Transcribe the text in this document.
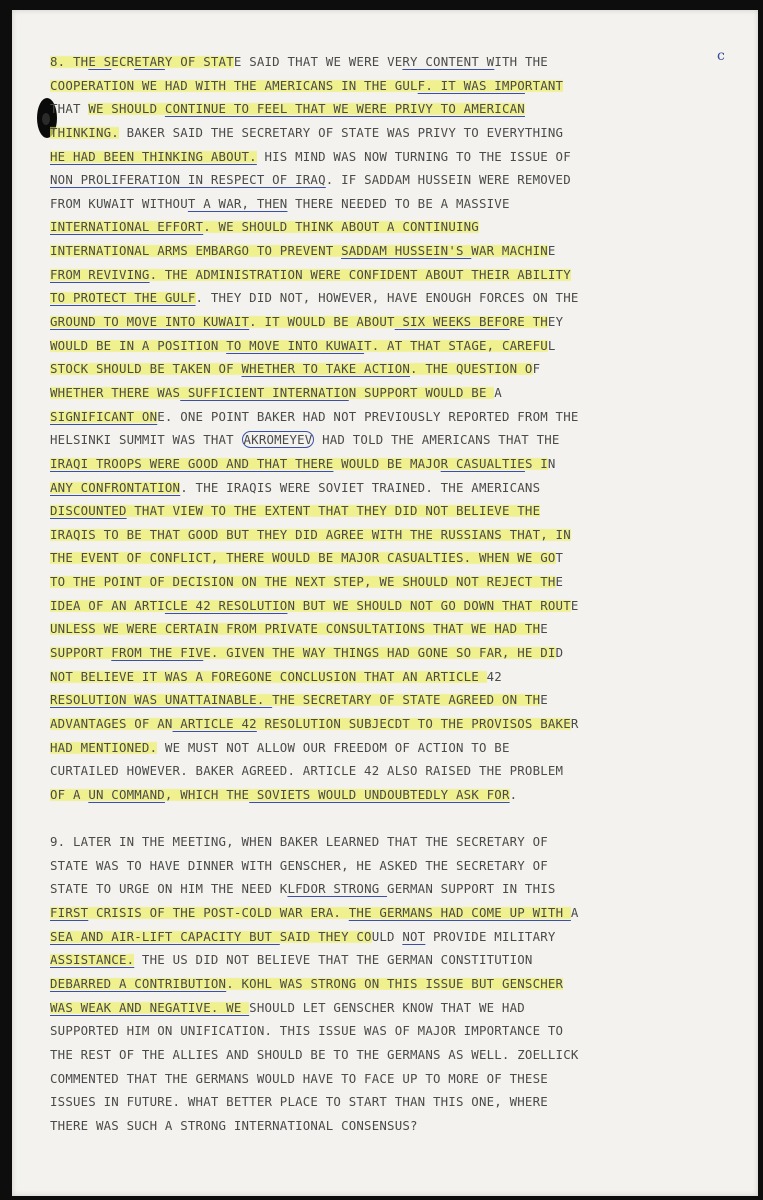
c
8. THE SECRETARY OF STATE SAID THAT WE WERE VERY CONTENT WITH THE
COOPERATION WE HAD WITH THE AMERICANS IN THE GULF. IT WAS IMPORTANT
THAT WE SHOULD CONTINUE TO FEEL THAT WE WERE PRIVY TO AMERICAN
THINKING. BAKER SAID THE SECRETARY OF STATE WAS PRIVY TO EVERYTHING
HE HAD BEEN THINKING ABOUT. HIS MIND WAS NOW TURNING TO THE ISSUE OF
NON PROLIFERATION IN RESPECT OF IRAQ. IF SADDAM HUSSEIN WERE REMOVED
FROM KUWAIT WITHOUT A WAR, THEN THERE NEEDED TO BE A MASSIVE
INTERNATIONAL EFFORT. WE SHOULD THINK ABOUT A CONTINUING
INTERNATIONAL ARMS EMBARGO TO PREVENT SADDAM HUSSEIN'S WAR MACHINE
FROM REVIVING. THE ADMINISTRATION WERE CONFIDENT ABOUT THEIR ABILITY
TO PROTECT THE GULF. THEY DID NOT, HOWEVER, HAVE ENOUGH FORCES ON THE
GROUND TO MOVE INTO KUWAIT. IT WOULD BE ABOUT SIX WEEKS BEFORE THEY
WOULD BE IN A POSITION TO MOVE INTO KUWAIT. AT THAT STAGE, CAREFUL
STOCK SHOULD BE TAKEN OF WHETHER TO TAKE ACTION. THE QUESTION OF
WHETHER THERE WAS SUFFICIENT INTERNATION SUPPORT WOULD BE A
SIGNIFICANT ONE. ONE POINT BAKER HAD NOT PREVIOUSLY REPORTED FROM THE
HELSINKI SUMMIT WAS THAT AKROMEYEV HAD TOLD THE AMERICANS THAT THE
IRAQI TROOPS WERE GOOD AND THAT THERE WOULD BE MAJOR CASUALTIES IN
ANY CONFRONTATION. THE IRAQIS WERE SOVIET TRAINED. THE AMERICANS
DISCOUNTED THAT VIEW TO THE EXTENT THAT THEY DID NOT BELIEVE THE
IRAQIS TO BE THAT GOOD BUT THEY DID AGREE WITH THE RUSSIANS THAT, IN
THE EVENT OF CONFLICT, THERE WOULD BE MAJOR CASUALTIES. WHEN WE GOT
TO THE POINT OF DECISION ON THE NEXT STEP, WE SHOULD NOT REJECT THE
IDEA OF AN ARTICLE 42 RESOLUTION BUT WE SHOULD NOT GO DOWN THAT ROUTE
UNLESS WE WERE CERTAIN FROM PRIVATE CONSULTATIONS THAT WE HAD THE
SUPPORT FROM THE FIVE. GIVEN THE WAY THINGS HAD GONE SO FAR, HE DID
NOT BELIEVE IT WAS A FOREGONE CONCLUSION THAT AN ARTICLE 42
RESOLUTION WAS UNATTAINABLE. THE SECRETARY OF STATE AGREED ON THE
ADVANTAGES OF AN ARTICLE 42 RESOLUTION SUBJECDT TO THE PROVISOS BAKER
HAD MENTIONED. WE MUST NOT ALLOW OUR FREEDOM OF ACTION TO BE
CURTAILED HOWEVER. BAKER AGREED. ARTICLE 42 ALSO RAISED THE PROBLEM
OF A UN COMMAND, WHICH THE SOVIETS WOULD UNDOUBTEDLY ASK FOR.
9. LATER IN THE MEETING, WHEN BAKER LEARNED THAT THE SECRETARY OF
STATE WAS TO HAVE DINNER WITH GENSCHER, HE ASKED THE SECRETARY OF
STATE TO URGE ON HIM THE NEED KLFDOR STRONG GERMAN SUPPORT IN THIS
FIRST CRISIS OF THE POST-COLD WAR ERA. THE GERMANS HAD COME UP WITH A
SEA AND AIR-LIFT CAPACITY BUT SAID THEY COULD NOT PROVIDE MILITARY
ASSISTANCE. THE US DID NOT BELIEVE THAT THE GERMAN CONSTITUTION
DEBARRED A CONTRIBUTION. KOHL WAS STRONG ON THIS ISSUE BUT GENSCHER
WAS WEAK AND NEGATIVE. WE SHOULD LET GENSCHER KNOW THAT WE HAD
SUPPORTED HIM ON UNIFICATION. THIS ISSUE WAS OF MAJOR IMPORTANCE TO
THE REST OF THE ALLIES AND SHOULD BE TO THE GERMANS AS WELL. ZOELLICK
COMMENTED THAT THE GERMANS WOULD HAVE TO FACE UP TO MORE OF THESE
ISSUES IN FUTURE. WHAT BETTER PLACE TO START THAN THIS ONE, WHERE
THERE WAS SUCH A STRONG INTERNATIONAL CONSENSUS?
